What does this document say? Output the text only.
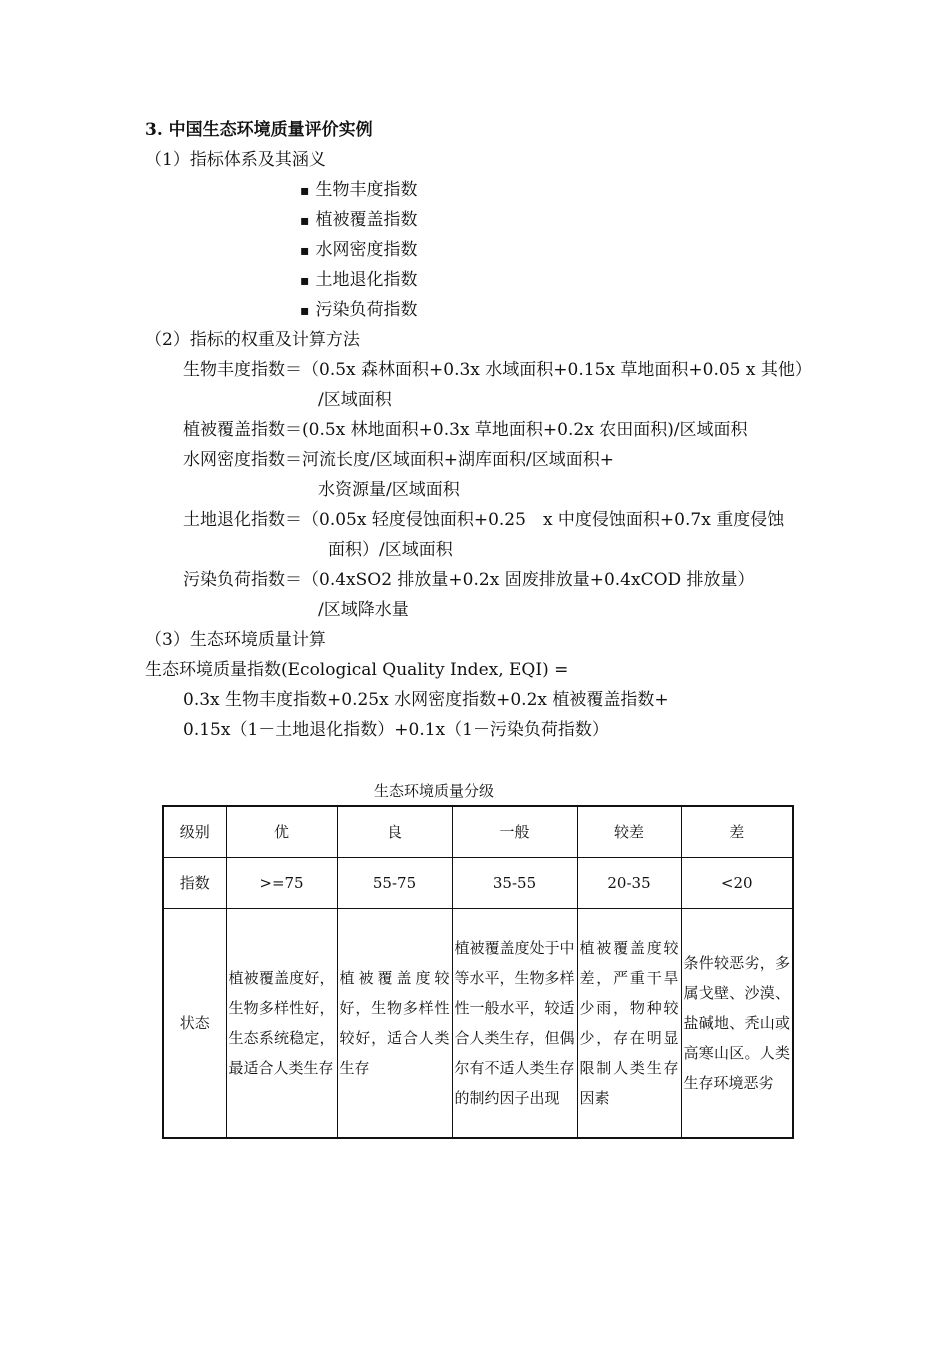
3. 中国生态环境质量评价实例
（1）指标体系及其涵义
▪ 生物丰度指数
▪ 植被覆盖指数
▪ 水网密度指数
▪ 土地退化指数
▪ 污染负荷指数
（2）指标的权重及计算方法
生物丰度指数＝（0.5x 森林面积+0.3x 水域面积+0.15x 草地面积+0.05 x 其他）
/区域面积
植被覆盖指数＝(0.5x 林地面积+0.3x 草地面积+0.2x 农田面积)/区域面积
水网密度指数＝河流长度/区域面积+湖库面积/区域面积+
水资源量/区域面积
土地退化指数＝（0.05x 轻度侵蚀面积+0.25　x 中度侵蚀面积+0.7x 重度侵蚀
面积）/区域面积
污染负荷指数＝（0.4xSO2 排放量+0.2x 固废排放量+0.4xCOD 排放量）
/区域降水量
（3）生态环境质量计算
生态环境质量指数(Ecological Quality Index, EQI) =
0.3x 生物丰度指数+0.25x 水网密度指数+0.2x 植被覆盖指数+
0.15x（1－土地退化指数）+0.1x（1－污染负荷指数）
生态环境质量分级
级别	优	良	一般	较差	差
指数	>=75	55-75	35-55	20-35	<20
状态	植被覆盖度好，生物多样性好，生态系统稳定，最适合人类生存	植被覆盖度较好，生物多样性较好，适合人类生存	植被覆盖度处于中等水平，生物多样性一般水平，较适合人类生存，但偶尔有不适人类生存的制约因子出现	植被覆盖度较差，严重干旱少雨，物种较少，存在明显限制人类生存因素	条件较恶劣，多属戈壁、沙漠、盐碱地、秃山或高寒山区。人类生存环境恶劣
